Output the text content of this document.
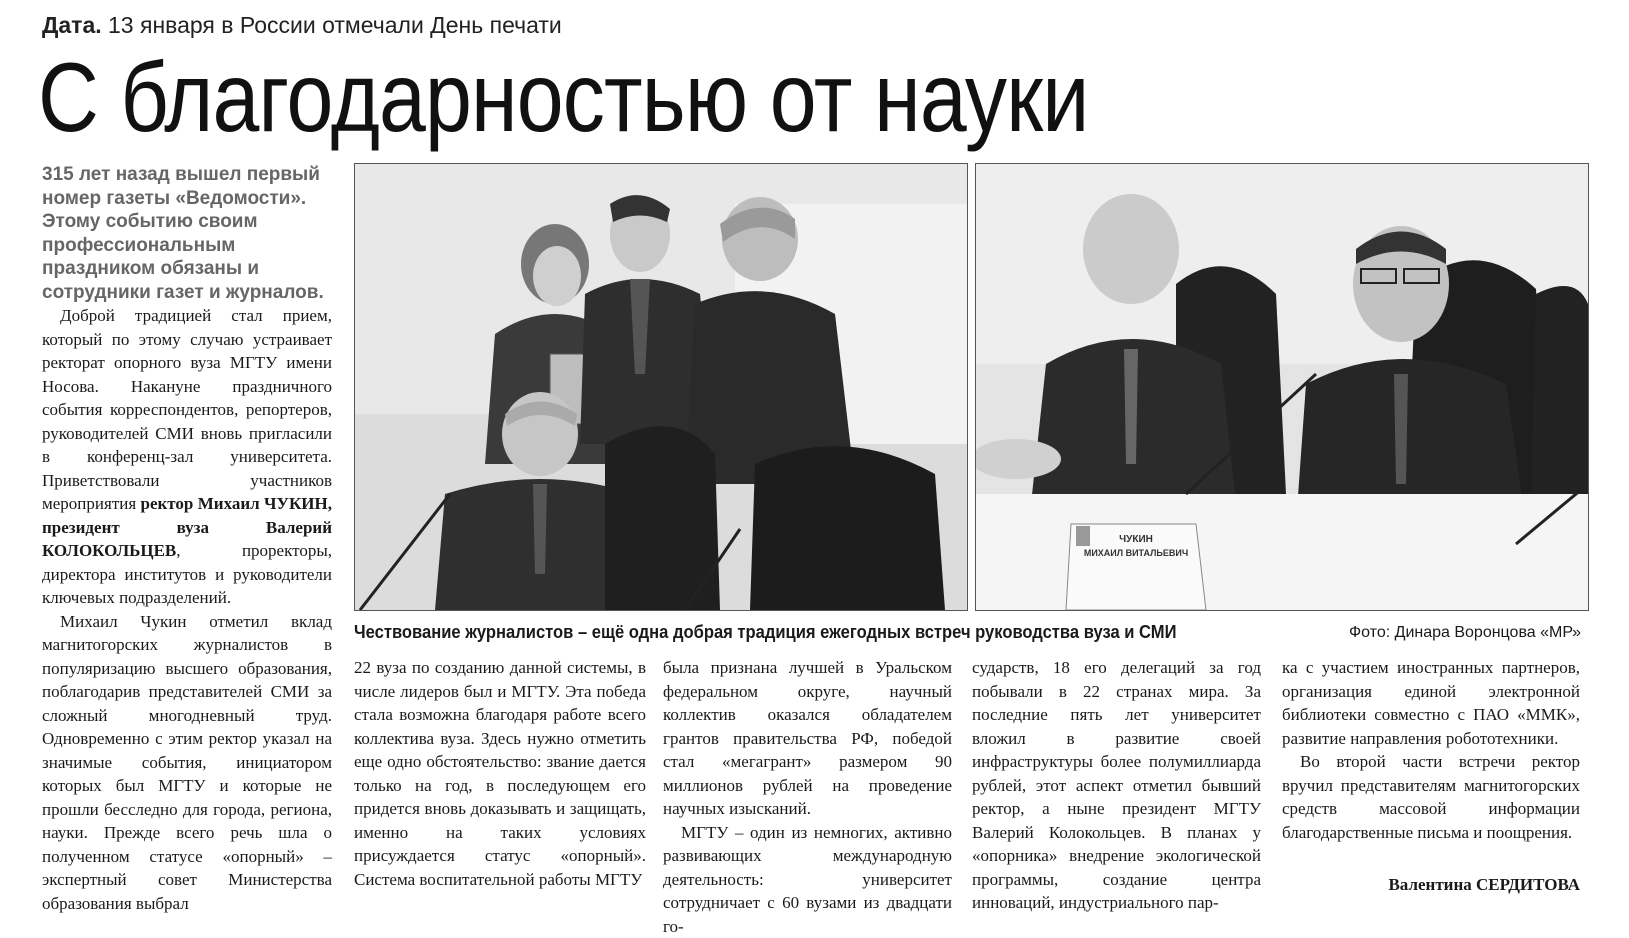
Дата. 13 января в России отмечали День печати
С благодарностью от науки
315 лет назад вышел первый номер газеты «Ведомости». Этому событию своим профессиональным праздником обязаны и сотрудники газет и журналов.

Доброй традицией стал прием, который по этому случаю устраивает ректорат опорного вуза МГТУ имени Носова. Накануне праздничного события корреспондентов, репортеров, руководителей СМИ вновь пригласили в конференц-зал университета. Приветствовали участников мероприятия ректор Михаил ЧУКИН, президент вуза Валерий КОЛОКОЛЬЦЕВ, проректоры, директора институтов и руководители ключевых подразделений.

Михаил Чукин отметил вклад магнитогорских журналистов в популяризацию высшего образования, поблагодарив представителей СМИ за сложный многодневный труд. Одновременно с этим ректор указал на значимые события, инициатором которых был МГТУ и которые не прошли бесследно для города, региона, науки. Прежде всего речь шла о полученном статусе «опорный» – экспертный совет Министерства образования выбрал

ЧУКИН
МИХАИЛ ВИТАЛЬЕВИЧ
Чествование журналистов – ещё одна добрая традиция ежегодных встреч руководства вуза и СМИ	Фото: Динара Воронцова «МР»

22 вуза по созданию данной системы, в числе лидеров был и МГТУ. Эта победа стала возможна благодаря работе всего коллектива вуза. Здесь нужно отметить еще одно обстоятельство: звание дается только на год, в последующем его придется вновь доказывать и защищать, именно на таких условиях присуждается статус «опорный». Система воспитательной работы МГТУ

была признана лучшей в Уральском федеральном округе, научный коллектив оказался обладателем грантов правительства РФ, победой стал «мегагрант» размером 90 миллионов рублей на проведение научных изысканий.

МГТУ – один из немногих, активно развивающих международную деятельность: университет сотрудничает с 60 вузами из двадцати го-

сударств, 18 его делегаций за год побывали в 22 странах мира. За последние пять лет университет вложил в развитие своей инфраструктуры более полумиллиарда рублей, этот аспект отметил бывший ректор, а ныне президент МГТУ Валерий Колокольцев. В планах у «опорника» внедрение экологической программы, создание центра инноваций, индустриального пар-

ка с участием иностранных партнеров, организация единой электронной библиотеки совместно с ПАО «ММК», развитие направления робототехники.

Во второй части встречи ректор вручил представителям магнитогорских средств массовой информации благодарственные письма и поощрения.

Валентина СЕРДИТОВА
